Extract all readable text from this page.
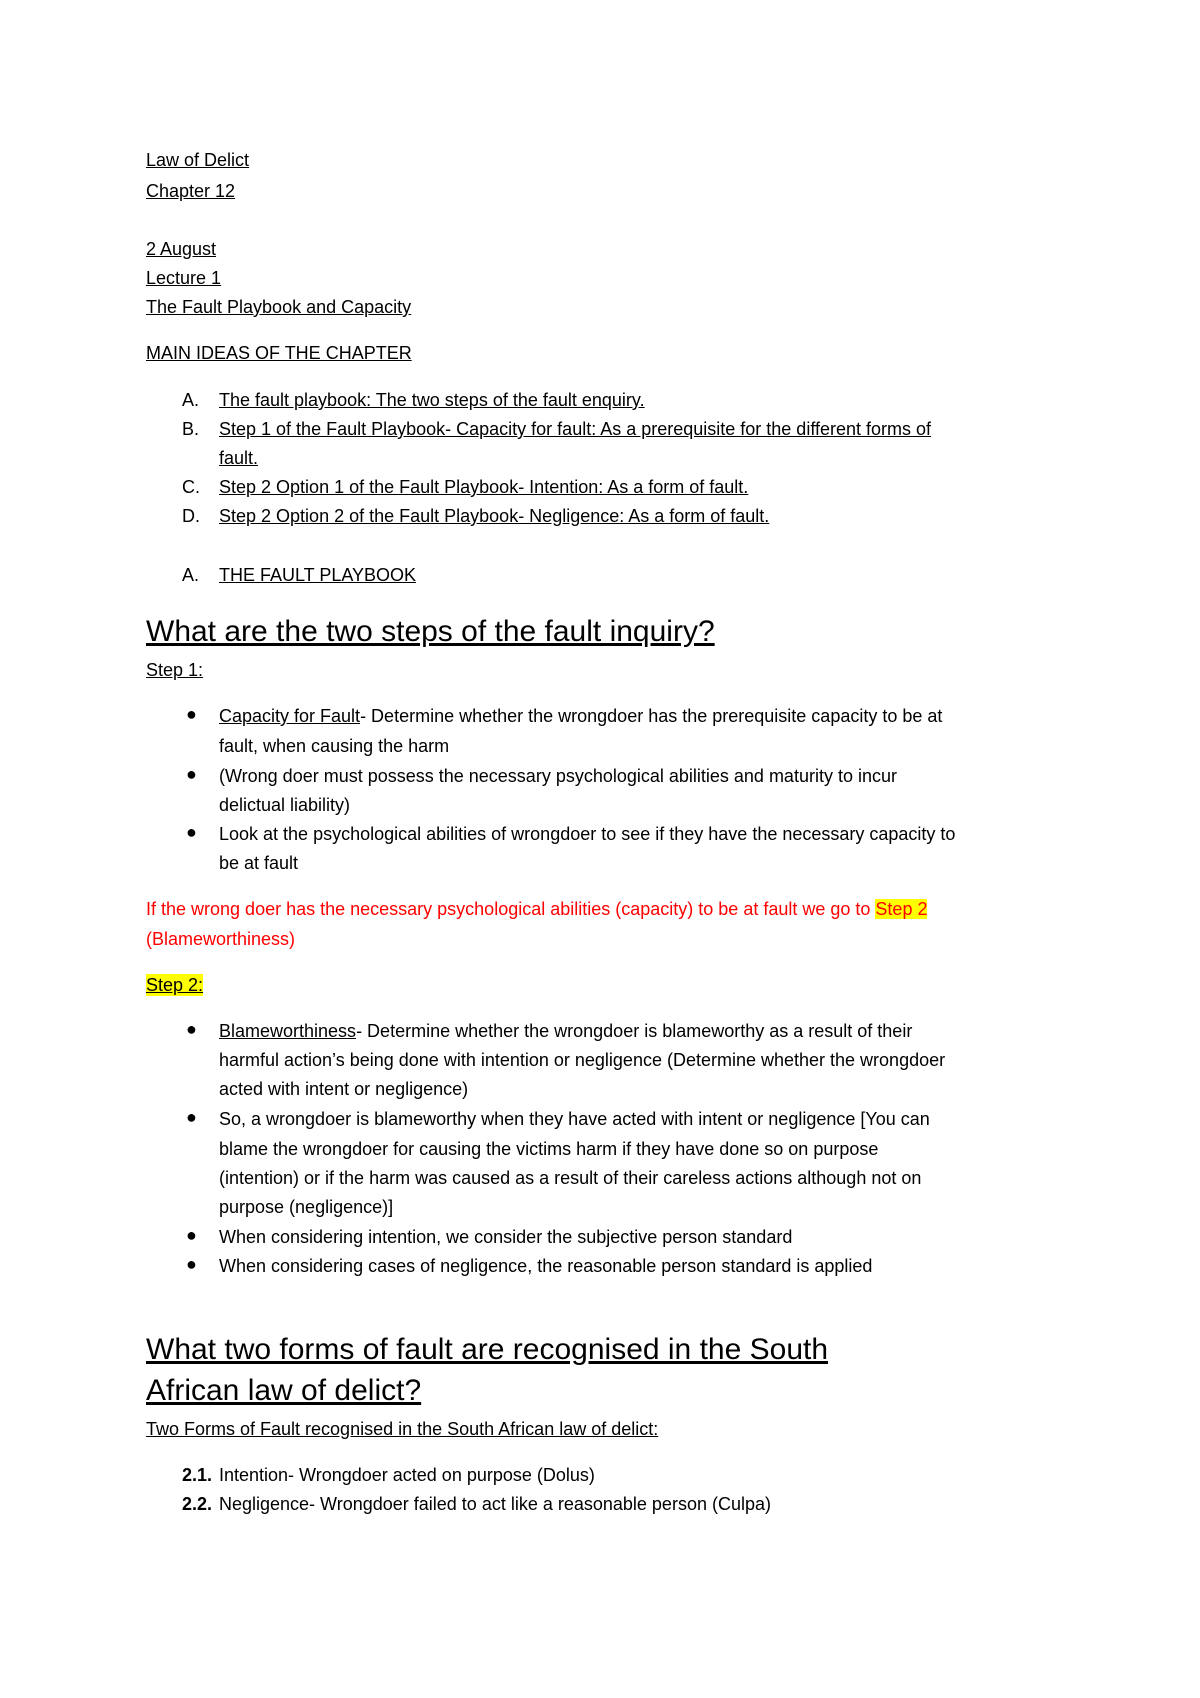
Law of Delict
Chapter 12
2 August
Lecture 1
The Fault Playbook and Capacity
MAIN IDEAS OF THE CHAPTER
A. The fault playbook: The two steps of the fault enquiry.
B. Step 1 of the Fault Playbook- Capacity for fault: As a prerequisite for the different forms of
fault.
C. Step 2 Option 1 of the Fault Playbook- Intention: As a form of fault.
D. Step 2 Option 2 of the Fault Playbook- Negligence: As a form of fault.
A. THE FAULT PLAYBOOK
What are the two steps of the fault inquiry?
Step 1:
● Capacity for Fault- Determine whether the wrongdoer has the prerequisite capacity to be at
fault, when causing the harm
● (Wrong doer must possess the necessary psychological abilities and maturity to incur
delictual liability)
● Look at the psychological abilities of wrongdoer to see if they have the necessary capacity to
be at fault
If the wrong doer has the necessary psychological abilities (capacity) to be at fault we go to Step 2
(Blameworthiness)
Step 2:
● Blameworthiness- Determine whether the wrongdoer is blameworthy as a result of their
harmful action’s being done with intention or negligence (Determine whether the wrongdoer
acted with intent or negligence)
● So, a wrongdoer is blameworthy when they have acted with intent or negligence [You can
blame the wrongdoer for causing the victims harm if they have done so on purpose
(intention) or if the harm was caused as a result of their careless actions although not on
purpose (negligence)]
● When considering intention, we consider the subjective person standard
● When considering cases of negligence, the reasonable person standard is applied
What two forms of fault are recognised in the South
African law of delict?
Two Forms of Fault recognised in the South African law of delict:
2.1. Intention- Wrongdoer acted on purpose (Dolus)
2.2. Negligence- Wrongdoer failed to act like a reasonable person (Culpa)
